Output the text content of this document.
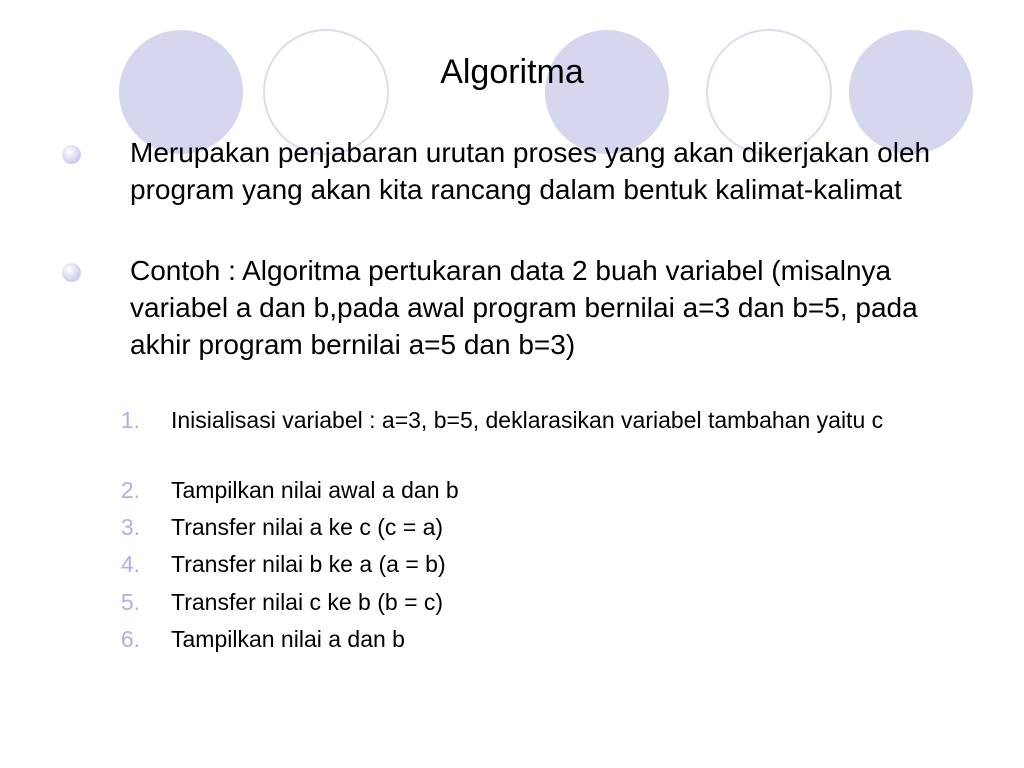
Algoritma
Merupakan penjabaran urutan proses yang akan dikerjakan oleh program yang akan kita rancang dalam bentuk kalimat-kalimat
Contoh : Algoritma pertukaran data 2 buah variabel (misalnya variabel a dan b,pada awal program bernilai a=3 dan b=5, pada akhir program bernilai a=5 dan b=3)
1. Inisialisasi variabel : a=3, b=5, deklarasikan variabel tambahan yaitu c
2. Tampilkan nilai awal a dan b
3. Transfer nilai a ke c (c = a)
4. Transfer nilai b ke a (a = b)
5. Transfer nilai c ke b (b = c)
6. Tampilkan nilai a dan b
